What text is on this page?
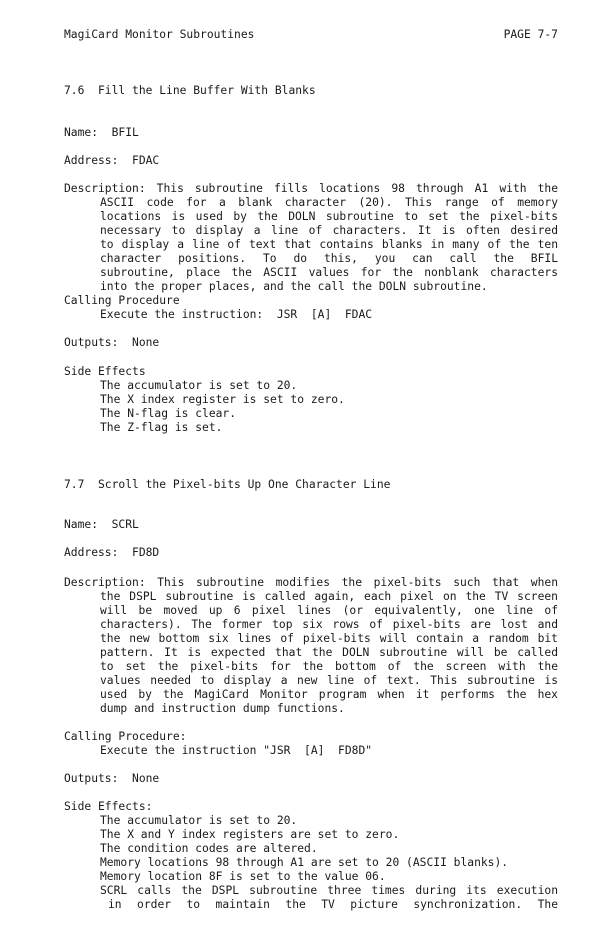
MagiCard Monitor Subroutines	PAGE 7-7
7.6  Fill the Line Buffer With Blanks
Name:  BFIL
Address:  FDAC
Description: This subroutine fills locations 98 through A1 with the
ASCII code for a blank character (20). This range of memory
locations is used by the DOLN subroutine to set the pixel-bits
necessary to display a line of characters. It is often desired
to display a line of text that contains blanks in many of the ten
character positions. To do this, you can call the BFIL
subroutine, place the ASCII values for the nonblank characters
into the proper places, and the call the DOLN subroutine.
Calling Procedure
Execute the instruction:  JSR  [A]  FDAC
Outputs:  None
Side Effects
The accumulator is set to 20.
The X index register is set to zero.
The N-flag is clear.
The Z-flag is set.
7.7  Scroll the Pixel-bits Up One Character Line
Name:  SCRL
Address:  FD8D
Description: This subroutine modifies the pixel-bits such that when
the DSPL subroutine is called again, each pixel on the TV screen
will be moved up 6 pixel lines (or equivalently, one line of
characters). The former top six rows of pixel-bits are lost and
the new bottom six lines of pixel-bits will contain a random bit
pattern. It is expected that the DOLN subroutine will be called
to set the pixel-bits for the bottom of the screen with the
values needed to display a new line of text. This subroutine is
used by the MagiCard Monitor program when it performs the hex
dump and instruction dump functions.
Calling Procedure:
Execute the instruction "JSR  [A]  FD8D"
Outputs:  None
Side Effects:
The accumulator is set to 20.
The X and Y index registers are set to zero.
The condition codes are altered.
Memory locations 98 through A1 are set to 20 (ASCII blanks).
Memory location 8F is set to the value 06.
SCRL calls the DSPL subroutine three times during its execution
in order to maintain the TV picture synchronization. The
